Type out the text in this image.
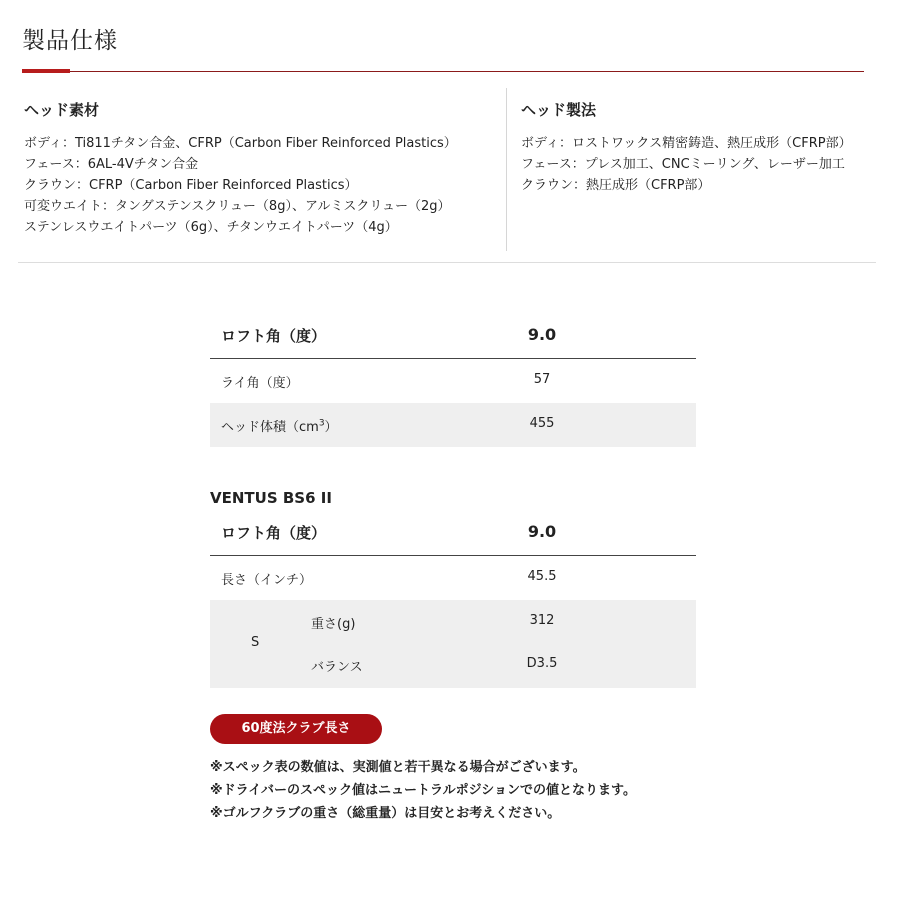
製品仕様
ヘッド素材
ボディ：Ti811チタン合金、CFRP（Carbon Fiber Reinforced Plastics）
フェース：6AL-4Vチタン合金
クラウン：CFRP（Carbon Fiber Reinforced Plastics）
可変ウエイト：タングステンスクリュー（8g）、アルミスクリュー（2g）
ステンレスウエイトパーツ（6g）、チタンウエイトパーツ（4g）
ヘッド製法
ボディ：ロストワックス精密鋳造、熱圧成形（CFRP部）
フェース：プレス加工、CNCミーリング、レーザー加工
クラウン：熱圧成形（CFRP部）
ロフト角（度）	9.0
ライ角（度）	57
ヘッド体積$(cm^3)$	455
VENTUS BS6 II
ロフト角（度）	9.0
長さ（インチ）	45.5
S
重さ(g)	312
バランス	D3.5
60度法クラブ長さ
※スペック表の数値は、実測値と若干異なる場合がございます。
※ドライバーのスペック値はニュートラルポジションでの値となります。
※ゴルフクラブの重さ（総重量）は目安とお考えください。
